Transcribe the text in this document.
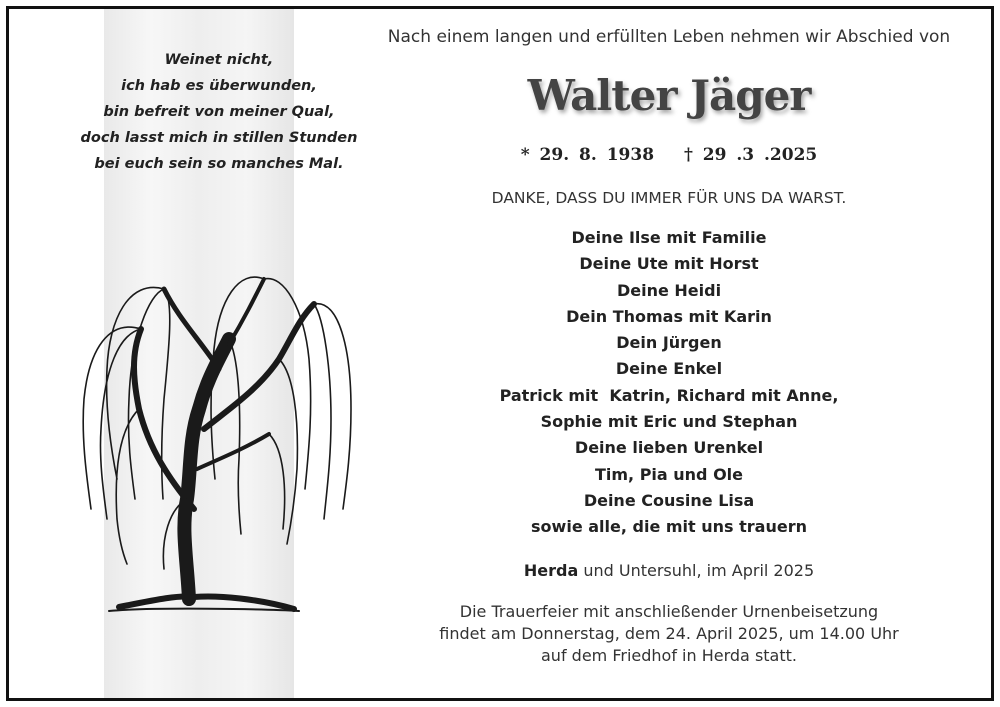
Weinet nicht,
ich hab es überwunden,
bin befreit von meiner Qual,
doch lasst mich in stillen Stunden
bei euch sein so manches Mal.
Nach einem langen und erfüllten Leben nehmen wir Abschied von
Walter Jäger
* 29. 8. 1938 † 29 .3 .2025
DANKE, DASS DU IMMER FÜR UNS DA WARST.
Deine Ilse mit Familie
Deine Ute mit Horst
Deine Heidi
Dein Thomas mit Karin
Dein Jürgen
Deine Enkel
Patrick mit  Katrin, Richard mit Anne,
Sophie mit Eric und Stephan
Deine lieben Urenkel
Tim, Pia und Ole
Deine Cousine Lisa
sowie alle, die mit uns trauern
Herda und Untersuhl, im April 2025
Die Trauerfeier mit anschließender Urnenbeisetzung
findet am Donnerstag, dem 24. April 2025, um 14.00 Uhr
auf dem Friedhof in Herda statt.
